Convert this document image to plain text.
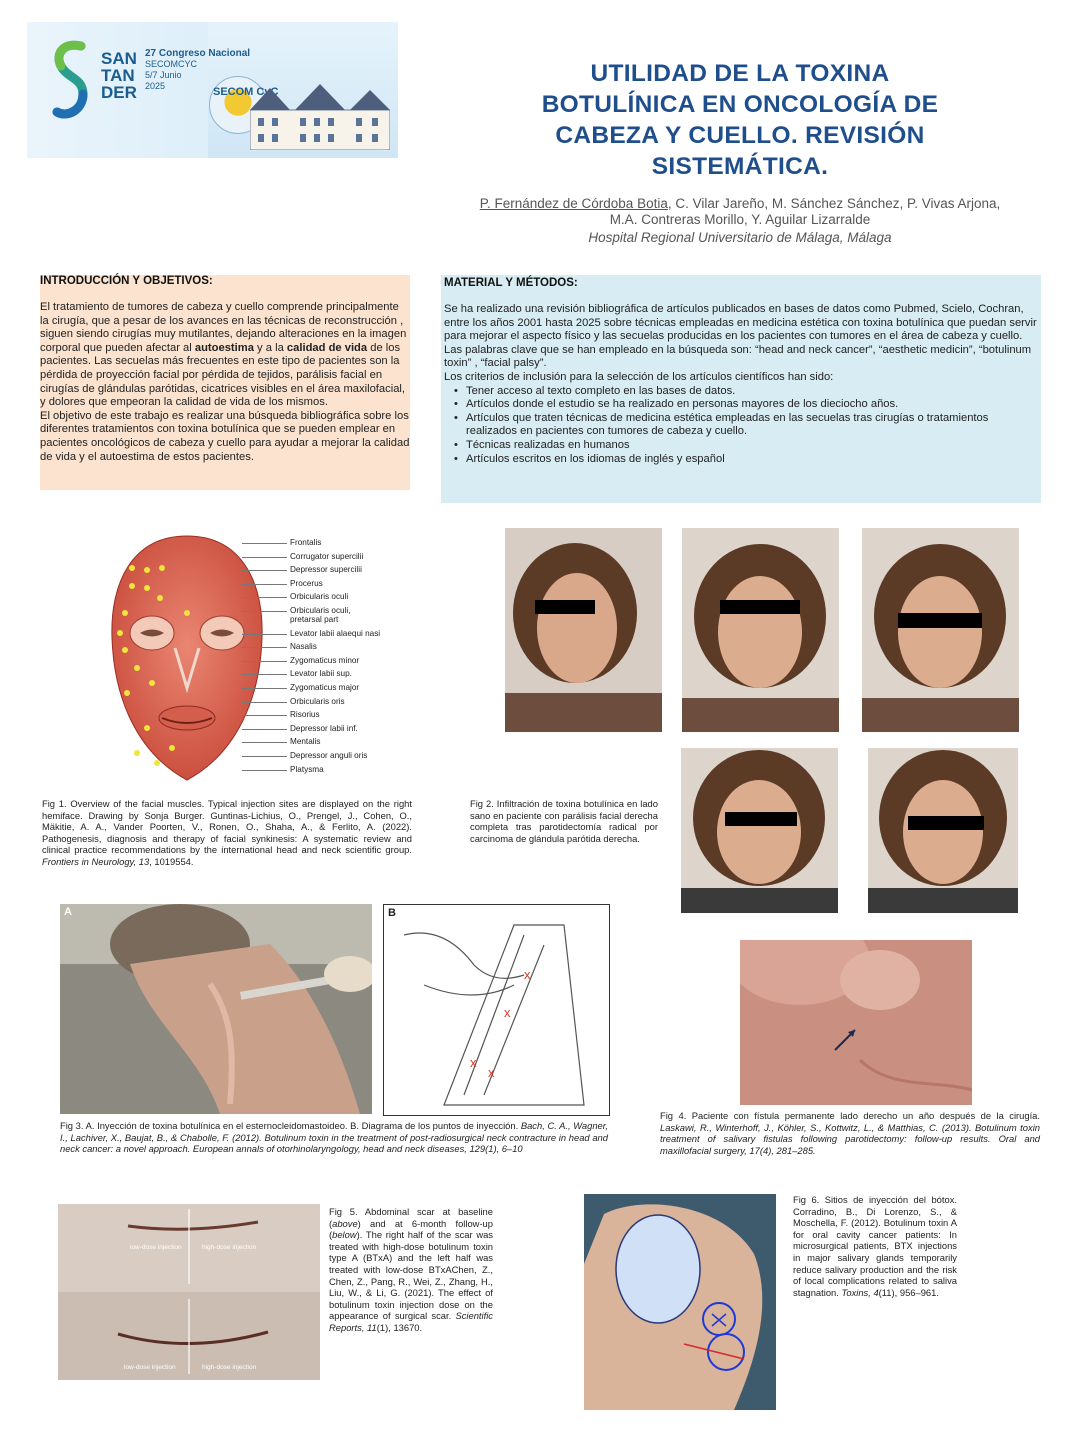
SAN
TAN
DER
27 Congreso Nacional
SECOMCYC
5/7 Junio
2025	SECOM CyC
UTILIDAD DE LA TOXINA
BOTULÍNICA EN ONCOLOGÍA DE
CABEZA Y CUELLO. REVISIÓN
SISTEMÁTICA.
P. Fernández de Córdoba Botia, C. Vilar Jareño, M. Sánchez Sánchez, P. Vivas Arjona, M.A. Contreras Morillo, Y. Aguilar Lizarralde
Hospital Regional Universitario de Málaga, Málaga
INTRODUCCIÓN Y OBJETIVOS:
El tratamiento de tumores de cabeza y cuello comprende principalmente la cirugía, que a pesar de los avances en las técnicas de reconstrucción , siguen siendo cirugías muy mutilantes, dejando alteraciones en la imagen corporal que pueden afectar al autoestima y a la calidad de vida de los pacientes. Las secuelas más frecuentes en este tipo de pacientes son la pérdida de proyección facial por pérdida de tejidos, parálisis facial en cirugías de glándulas parótidas, cicatrices visibles en el área maxilofacial, y dolores que empeoran la calidad de vida de los mismos.
El objetivo de este trabajo es realizar una búsqueda bibliográfica sobre los diferentes tratamientos con toxina botulínica que se pueden emplear en pacientes oncológicos de cabeza y cuello para ayudar a mejorar la calidad de vida y el autoestima de estos pacientes.
MATERIAL Y MÉTODOS:
Se ha realizado una revisión bibliográfica de artículos publicados en bases de datos como Pubmed, Scielo, Cochran, entre los años 2001 hasta 2025 sobre técnicas empleadas en medicina estética con toxina botulínica que puedan servir para mejorar el aspecto físico y las secuelas producidas en los pacientes con tumores en el área de cabeza y cuello.
Las palabras clave que se han empleado en la búsqueda son: “head and neck cancer”, “aesthetic medicin”, “botulinum toxin” , “facial palsy”.
Los criterios de inclusión para la selección de los artículos científicos han sido:
• Tener acceso al texto completo en las bases de datos.
• Artículos donde el estudio se ha realizado en personas mayores de los dieciocho años.
• Artículos que traten técnicas de medicina estética empleadas en las secuelas tras cirugías o tratamientos realizados en pacientes con tumores de cabeza y cuello.
• Técnicas realizadas en humanos
• Artículos escritos en los idiomas de inglés y español
Frontalis
Corrugator supercilii
Depressor supercilii
Procerus
Orbicularis oculi
Orbicularis oculi,
pretarsal part
Levator labii alaequi nasi
Nasalis
Zygomaticus minor
Levator labii sup.
Zygomaticus major
Orbicularis oris
Risorius
Depressor labii inf.
Mentalis
Depressor anguli oris
Platysma
Fig 1. Overview of the facial muscles. Typical injection sites are displayed on the right hemiface. Drawing by Sonja Burger. Guntinas-Lichius, O., Prengel, J., Cohen, O., Mäkitie, A. A., Vander Poorten, V., Ronen, O., Shaha, A., & Ferlito, A. (2022). Pathogenesis, diagnosis and therapy of facial synkinesis: A systematic review and clinical practice recommendations by the international head and neck scientific group. Frontiers in Neurology, 13, 1019554.
Fig 2. Infiltración de toxina botulínica en lado sano en paciente con parálisis facial derecha completa tras parotidectomía radical por carcinoma de glándula parótida derecha.
A	B
x
x
x
x
Fig 3. A. Inyección de toxina botulínica en el esternocleidomastoideo. B. Diagrama de los puntos de inyección. Bach, C. A., Wagner, I., Lachiver, X., Baujat, B., & Chabolle, F. (2012). Botulinum toxin in the treatment of post-radiosurgical neck contracture in head and neck cancer: a novel approach. European annals of otorhinolaryngology, head and neck diseases, 129(1), 6–10
Fig 4. Paciente con fístula permanente lado derecho un año después de la cirugía. Laskawi, R., Winterhoff, J., Köhler, S., Kottwitz, L., & Matthias, C. (2013). Botulinum toxin treatment of salivary fistulas following parotidectomy: follow-up results. Oral and maxillofacial surgery, 17(4), 281–285.
low-dose injection	high-dose injection
low-dose injection	high-dose injection
Fig 5. Abdominal scar at baseline (above) and at 6-month follow-up (below). The right half of the scar was treated with high-dose botulinum toxin type A (BTxA) and the left half was treated with low-dose BTxAChen, Z., Chen, Z., Pang, R., Wei, Z., Zhang, H., Liu, W., & Li, G. (2021). The effect of botulinum toxin injection dose on the appearance of surgical scar. Scientific Reports, 11(1), 13670.
Fig 6. Sitios de inyección del bótox. Corradino, B., Di Lorenzo, S., & Moschella, F. (2012). Botulinum toxin A for oral cavity cancer patients: In microsurgical patients, BTX injections in major salivary glands temporarily reduce salivary production and the risk of local complications related to saliva stagnation. Toxins, 4(11), 956–961.
